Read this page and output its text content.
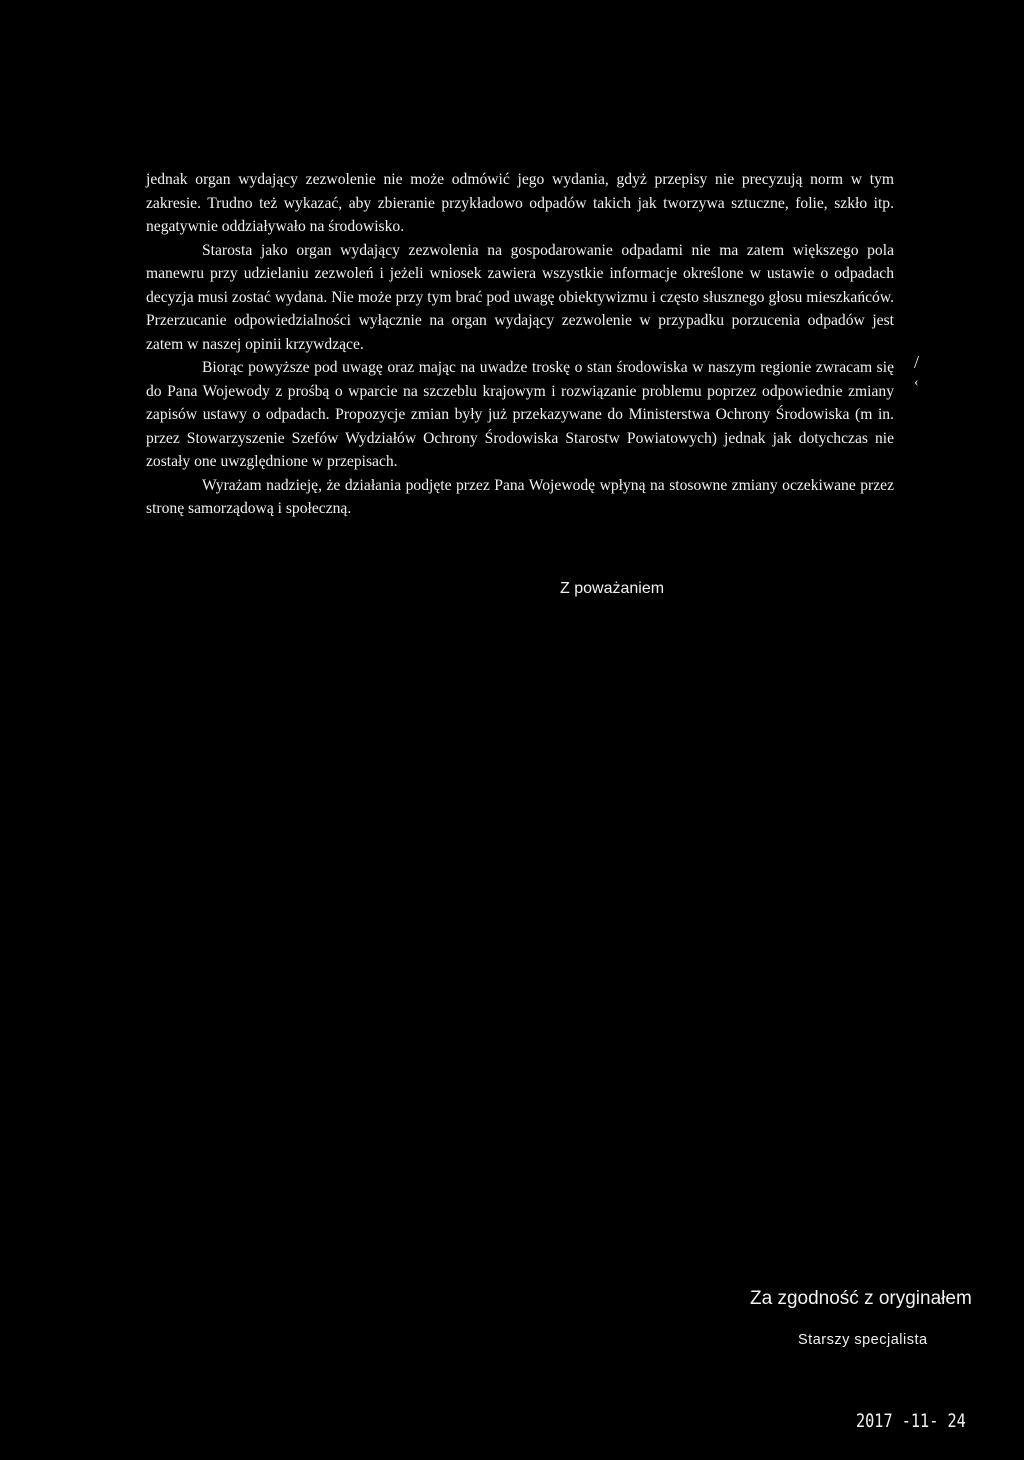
jednak organ wydający zezwolenie nie może odmówić jego wydania, gdyż przepisy nie precyzują norm w tym zakresie. Trudno też wykazać, aby zbieranie przykładowo odpadów takich jak tworzywa sztuczne, folie, szkło itp. negatywnie oddziaływało na środowisko.

Starosta jako organ wydający zezwolenia na gospodarowanie odpadami nie ma zatem większego pola manewru przy udzielaniu zezwoleń i jeżeli wniosek zawiera wszystkie informacje określone w ustawie o odpadach decyzja musi zostać wydana. Nie może przy tym brać pod uwagę obiektywizmu i często słusznego głosu mieszkańców. Przerzucanie odpowiedzialności wyłącznie na organ wydający zezwolenie w przypadku porzucenia odpadów jest zatem w naszej opinii krzywdzące.

Biorąc powyższe pod uwagę oraz mając na uwadze troskę o stan środowiska w naszym regionie zwracam się do Pana Wojewody z prośbą o wparcie na szczeblu krajowym i rozwiązanie problemu poprzez odpowiednie zmiany zapisów ustawy o odpadach. Propozycje zmian były już przekazywane do Ministerstwa Ochrony Środowiska (m in. przez Stowarzyszenie Szefów Wydziałów Ochrony Środowiska Starostw Powiatowych) jednak jak dotychczas nie zostały one uwzględnione w przepisach.

Wyrażam nadzieję, że działania podjęte przez Pana Wojewodę wpłyną na stosowne zmiany oczekiwane przez stronę samorządową i społeczną.

/
‹
Z poważaniem
Za zgodność z oryginałem
Starszy specjalista
2017 -11- 24
